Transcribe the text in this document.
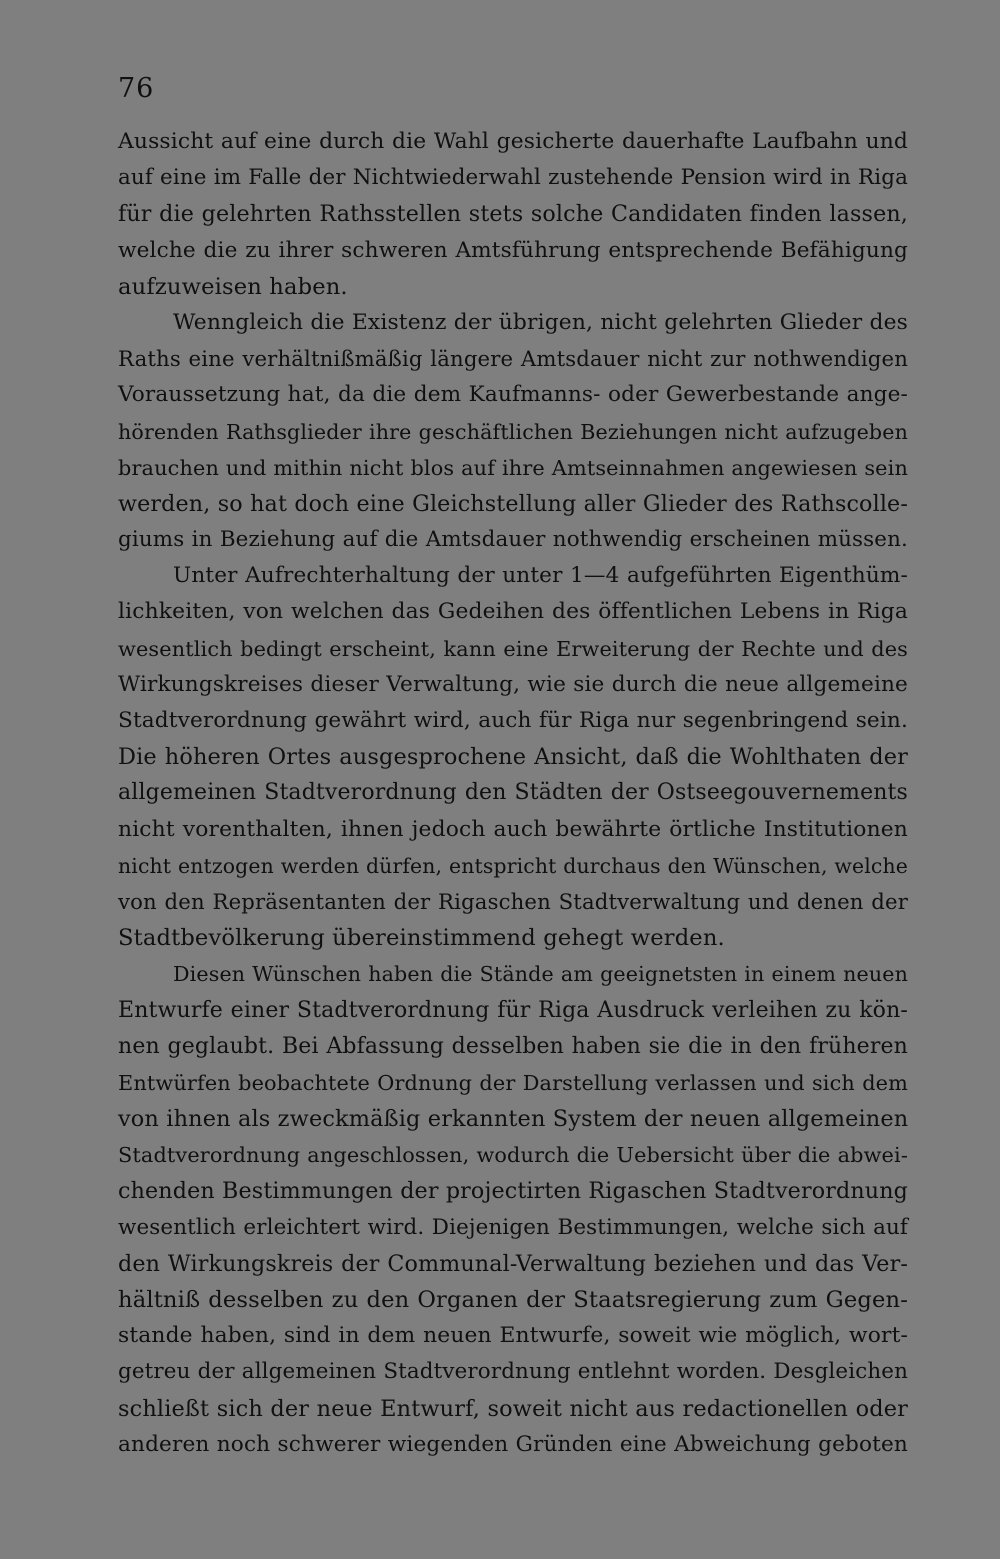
76
Aussicht auf eine durch die Wahl gesicherte dauerhafte Laufbahn und
auf eine im Falle der Nichtwiederwahl zustehende Pension wird in Riga
für die gelehrten Rathsstellen stets solche Candidaten finden lassen,
welche die zu ihrer schweren Amtsführung entsprechende Befähigung
aufzuweisen haben.
Wenngleich die Existenz der übrigen, nicht gelehrten Glieder des
Raths eine verhältnißmäßig längere Amtsdauer nicht zur nothwendigen
Voraussetzung hat, da die dem Kaufmanns- oder Gewerbestande ange-
hörenden Rathsglieder ihre geschäftlichen Beziehungen nicht aufzugeben
brauchen und mithin nicht blos auf ihre Amtseinnahmen angewiesen sein
werden, so hat doch eine Gleichstellung aller Glieder des Rathscolle-
giums in Beziehung auf die Amtsdauer nothwendig erscheinen müssen.
Unter Aufrechterhaltung der unter 1—4 aufgeführten Eigenthüm-
lichkeiten, von welchen das Gedeihen des öffentlichen Lebens in Riga
wesentlich bedingt erscheint, kann eine Erweiterung der Rechte und des
Wirkungskreises dieser Verwaltung, wie sie durch die neue allgemeine
Stadtverordnung gewährt wird, auch für Riga nur segenbringend sein.
Die höheren Ortes ausgesprochene Ansicht, daß die Wohlthaten der
allgemeinen Stadtverordnung den Städten der Ostseegouvernements
nicht vorenthalten, ihnen jedoch auch bewährte örtliche Institutionen
nicht entzogen werden dürfen, entspricht durchaus den Wünschen, welche
von den Repräsentanten der Rigaschen Stadtverwaltung und denen der
Stadtbevölkerung übereinstimmend gehegt werden.
Diesen Wünschen haben die Stände am geeignetsten in einem neuen
Entwurfe einer Stadtverordnung für Riga Ausdruck verleihen zu kön-
nen geglaubt. Bei Abfassung desselben haben sie die in den früheren
Entwürfen beobachtete Ordnung der Darstellung verlassen und sich dem
von ihnen als zweckmäßig erkannten System der neuen allgemeinen
Stadtverordnung angeschlossen, wodurch die Uebersicht über die abwei-
chenden Bestimmungen der projectirten Rigaschen Stadtverordnung
wesentlich erleichtert wird. Diejenigen Bestimmungen, welche sich auf
den Wirkungskreis der Communal-Verwaltung beziehen und das Ver-
hältniß desselben zu den Organen der Staatsregierung zum Gegen-
stande haben, sind in dem neuen Entwurfe, soweit wie möglich, wort-
getreu der allgemeinen Stadtverordnung entlehnt worden. Desgleichen
schließt sich der neue Entwurf, soweit nicht aus redactionellen oder
anderen noch schwerer wiegenden Gründen eine Abweichung geboten
